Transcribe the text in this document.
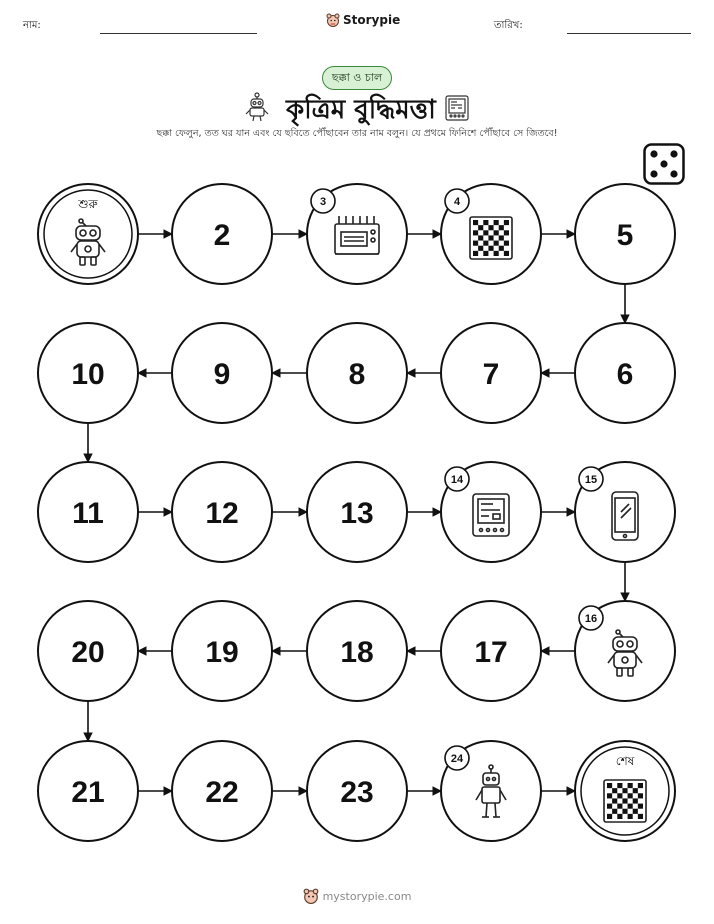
নাম:	Storypie	তারিখ:
ছক্কা ও চাল
কৃত্রিম বুদ্ধিমত্তা
ছক্কা ফেলুন, তত ঘর যান এবং যে ছবিতে পৌঁছাবেন তার নাম বলুন। যে প্রথমে ফিনিশে পৌঁছাবে সে জিতবে!
শুরু
2
3	4
5
6
7
8
9
10
11	12	13
14	15
16
17
18
19
20
21	22	23
24	শেষ
mystorypie.com
